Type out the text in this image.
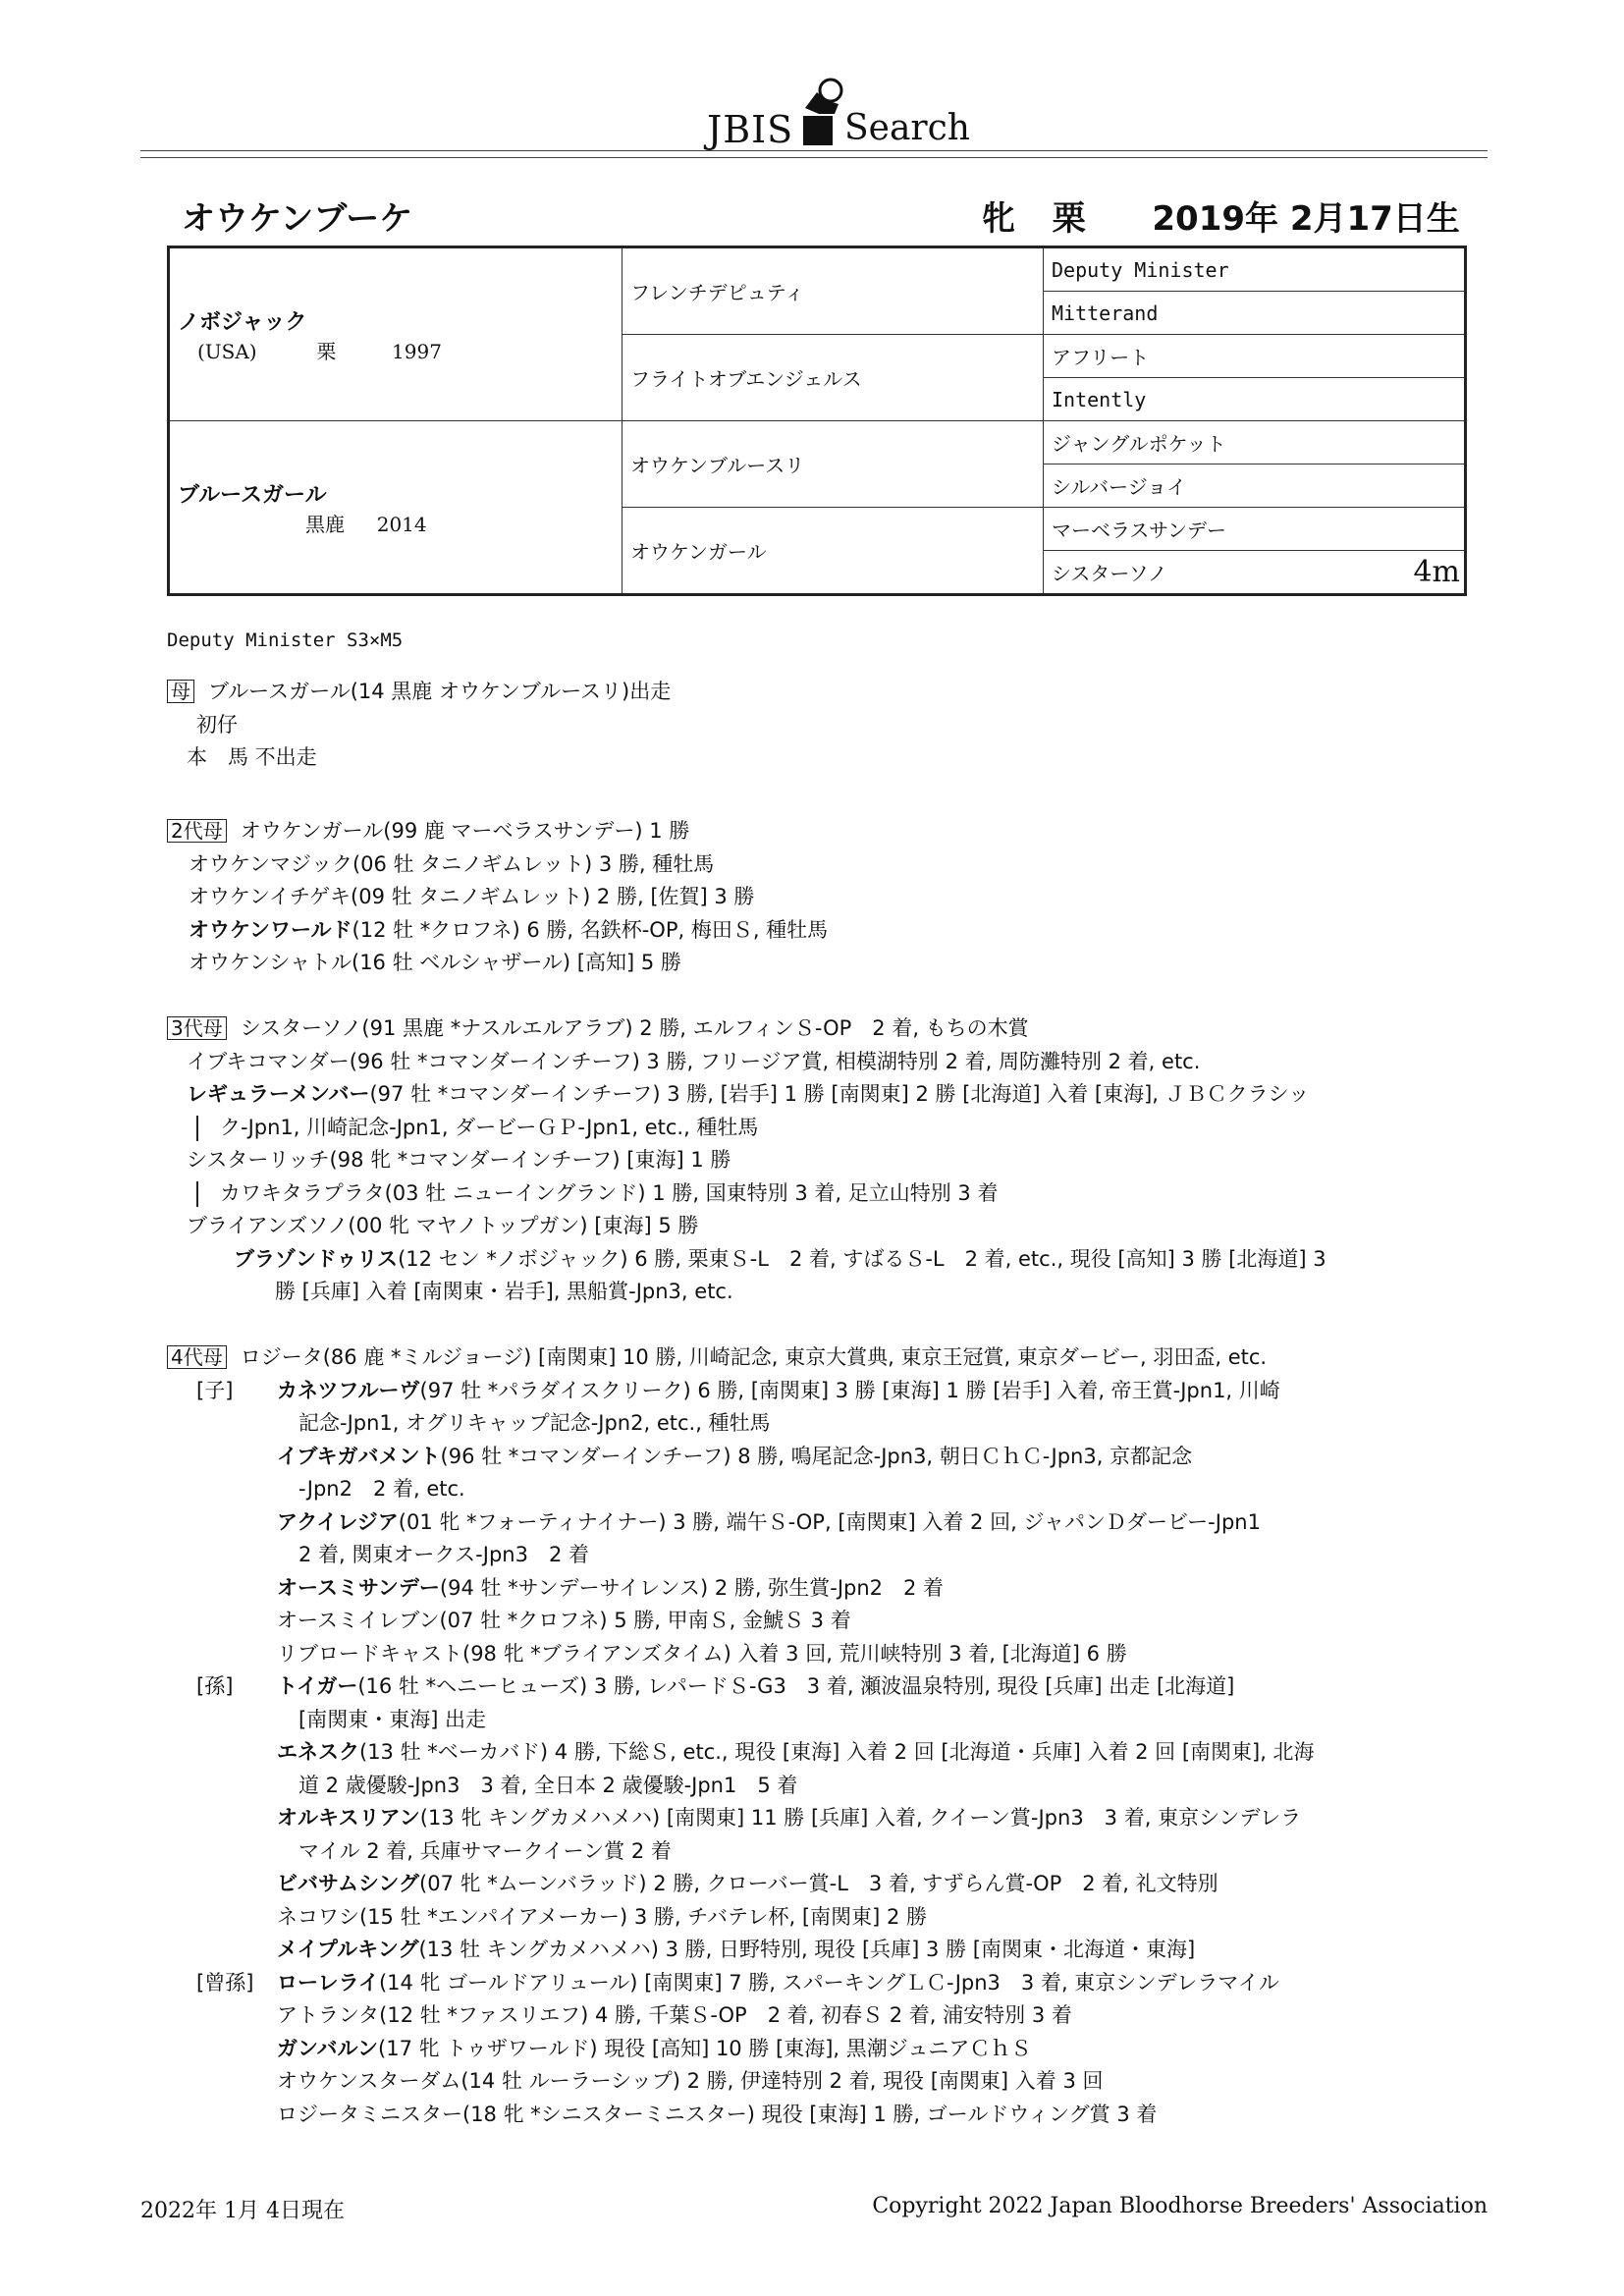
JBIS Search
オウケンブーケ	牝 栗 2019年 2月17日生
ノボジャック
(USA) 栗 1997	フレンチデピュティ	Deputy Minister
		Mitterand
	フライトオブエンジェルス	アフリート
		Intently

ブルースガール
黒鹿 2014	オウケンブルースリ	ジャングルポケット
		シルバージョイ
	オウケンガール	マーベラスサンデー
		シスターソノ 4m
Deputy Minister S3×M5
母 ブルースガール(14 黒鹿 オウケンブルースリ)出走
初仔
本　馬 不出走
2代母 オウケンガール(99 鹿 マーベラスサンデー) 1 勝
オウケンマジック(06 牡 タニノギムレット) 3 勝, 種牡馬
オウケンイチゲキ(09 牡 タニノギムレット) 2 勝, [佐賀] 3 勝
オウケンワールド(12 牡 *クロフネ) 6 勝, 名鉄杯-OP, 梅田Ｓ, 種牡馬
オウケンシャトル(16 牡 ベルシャザール) [高知] 5 勝
3代母 シスターソノ(91 黒鹿 *ナスルエルアラブ) 2 勝, エルフィンＳ-OP　2 着, もちの木賞
イブキコマンダー(96 牡 *コマンダーインチーフ) 3 勝, フリージア賞, 相模湖特別 2 着, 周防灘特別 2 着, etc.
レギュラーメンバー(97 牡 *コマンダーインチーフ) 3 勝, [岩手] 1 勝 [南関東] 2 勝 [北海道] 入着 [東海], ＪＢＣクラシッ
ク-Jpn1, 川崎記念-Jpn1, ダービーＧＰ-Jpn1, etc., 種牡馬
シスターリッチ(98 牝 *コマンダーインチーフ) [東海] 1 勝
カワキタラプラタ(03 牡 ニューイングランド) 1 勝, 国東特別 3 着, 足立山特別 3 着
ブライアンズソノ(00 牝 マヤノトップガン) [東海] 5 勝
ブラゾンドゥリス(12 セン *ノボジャック) 6 勝, 栗東Ｓ-L　2 着, すばるＳ-L　2 着, etc., 現役 [高知] 3 勝 [北海道] 3
勝 [兵庫] 入着 [南関東・岩手], 黒船賞-Jpn3, etc.
4代母 ロジータ(86 鹿 *ミルジョージ) [南関東] 10 勝, 川崎記念, 東京大賞典, 東京王冠賞, 東京ダービー, 羽田盃, etc.
[子] カネツフルーヴ(97 牡 *パラダイスクリーク) 6 勝, [南関東] 3 勝 [東海] 1 勝 [岩手] 入着, 帝王賞-Jpn1, 川崎
記念-Jpn1, オグリキャップ記念-Jpn2, etc., 種牡馬
イブキガバメント(96 牡 *コマンダーインチーフ) 8 勝, 鳴尾記念-Jpn3, 朝日ＣｈＣ-Jpn3, 京都記念
-Jpn2　2 着, etc.
アクイレジア(01 牝 *フォーティナイナー) 3 勝, 端午Ｓ-OP, [南関東] 入着 2 回, ジャパンＤダービー-Jpn1
2 着, 関東オークス-Jpn3　2 着
オースミサンデー(94 牡 *サンデーサイレンス) 2 勝, 弥生賞-Jpn2　2 着
オースミイレブン(07 牡 *クロフネ) 5 勝, 甲南Ｓ, 金鯱Ｓ 3 着
リブロードキャスト(98 牝 *ブライアンズタイム) 入着 3 回, 荒川峡特別 3 着, [北海道] 6 勝
[孫] トイガー(16 牡 *ヘニーヒューズ) 3 勝, レパードＳ-G3　3 着, 瀬波温泉特別, 現役 [兵庫] 出走 [北海道]
[南関東・東海] 出走
エネスク(13 牡 *ベーカバド) 4 勝, 下総Ｓ, etc., 現役 [東海] 入着 2 回 [北海道・兵庫] 入着 2 回 [南関東], 北海
道 2 歳優駿-Jpn3　3 着, 全日本 2 歳優駿-Jpn1　5 着
オルキスリアン(13 牝 キングカメハメハ) [南関東] 11 勝 [兵庫] 入着, クイーン賞-Jpn3　3 着, 東京シンデレラ
マイル 2 着, 兵庫サマークイーン賞 2 着
ビバサムシング(07 牝 *ムーンバラッド) 2 勝, クローバー賞-L　3 着, すずらん賞-OP　2 着, 礼文特別
ネコワシ(15 牡 *エンパイアメーカー) 3 勝, チバテレ杯, [南関東] 2 勝
メイプルキング(13 牡 キングカメハメハ) 3 勝, 日野特別, 現役 [兵庫] 3 勝 [南関東・北海道・東海]
[曾孫] ローレライ(14 牝 ゴールドアリュール) [南関東] 7 勝, スパーキングＬＣ-Jpn3　3 着, 東京シンデレラマイル
アトランタ(12 牡 *ファスリエフ) 4 勝, 千葉Ｓ-OP　2 着, 初春Ｓ 2 着, 浦安特別 3 着
ガンバルン(17 牝 トゥザワールド) 現役 [高知] 10 勝 [東海], 黒潮ジュニアＣｈＳ
オウケンスターダム(14 牡 ルーラーシップ) 2 勝, 伊達特別 2 着, 現役 [南関東] 入着 3 回
ロジータミニスター(18 牝 *シニスターミニスター) 現役 [東海] 1 勝, ゴールドウィング賞 3 着
2022年 1月 4日現在	Copyright 2022 Japan Bloodhorse Breeders' Association
